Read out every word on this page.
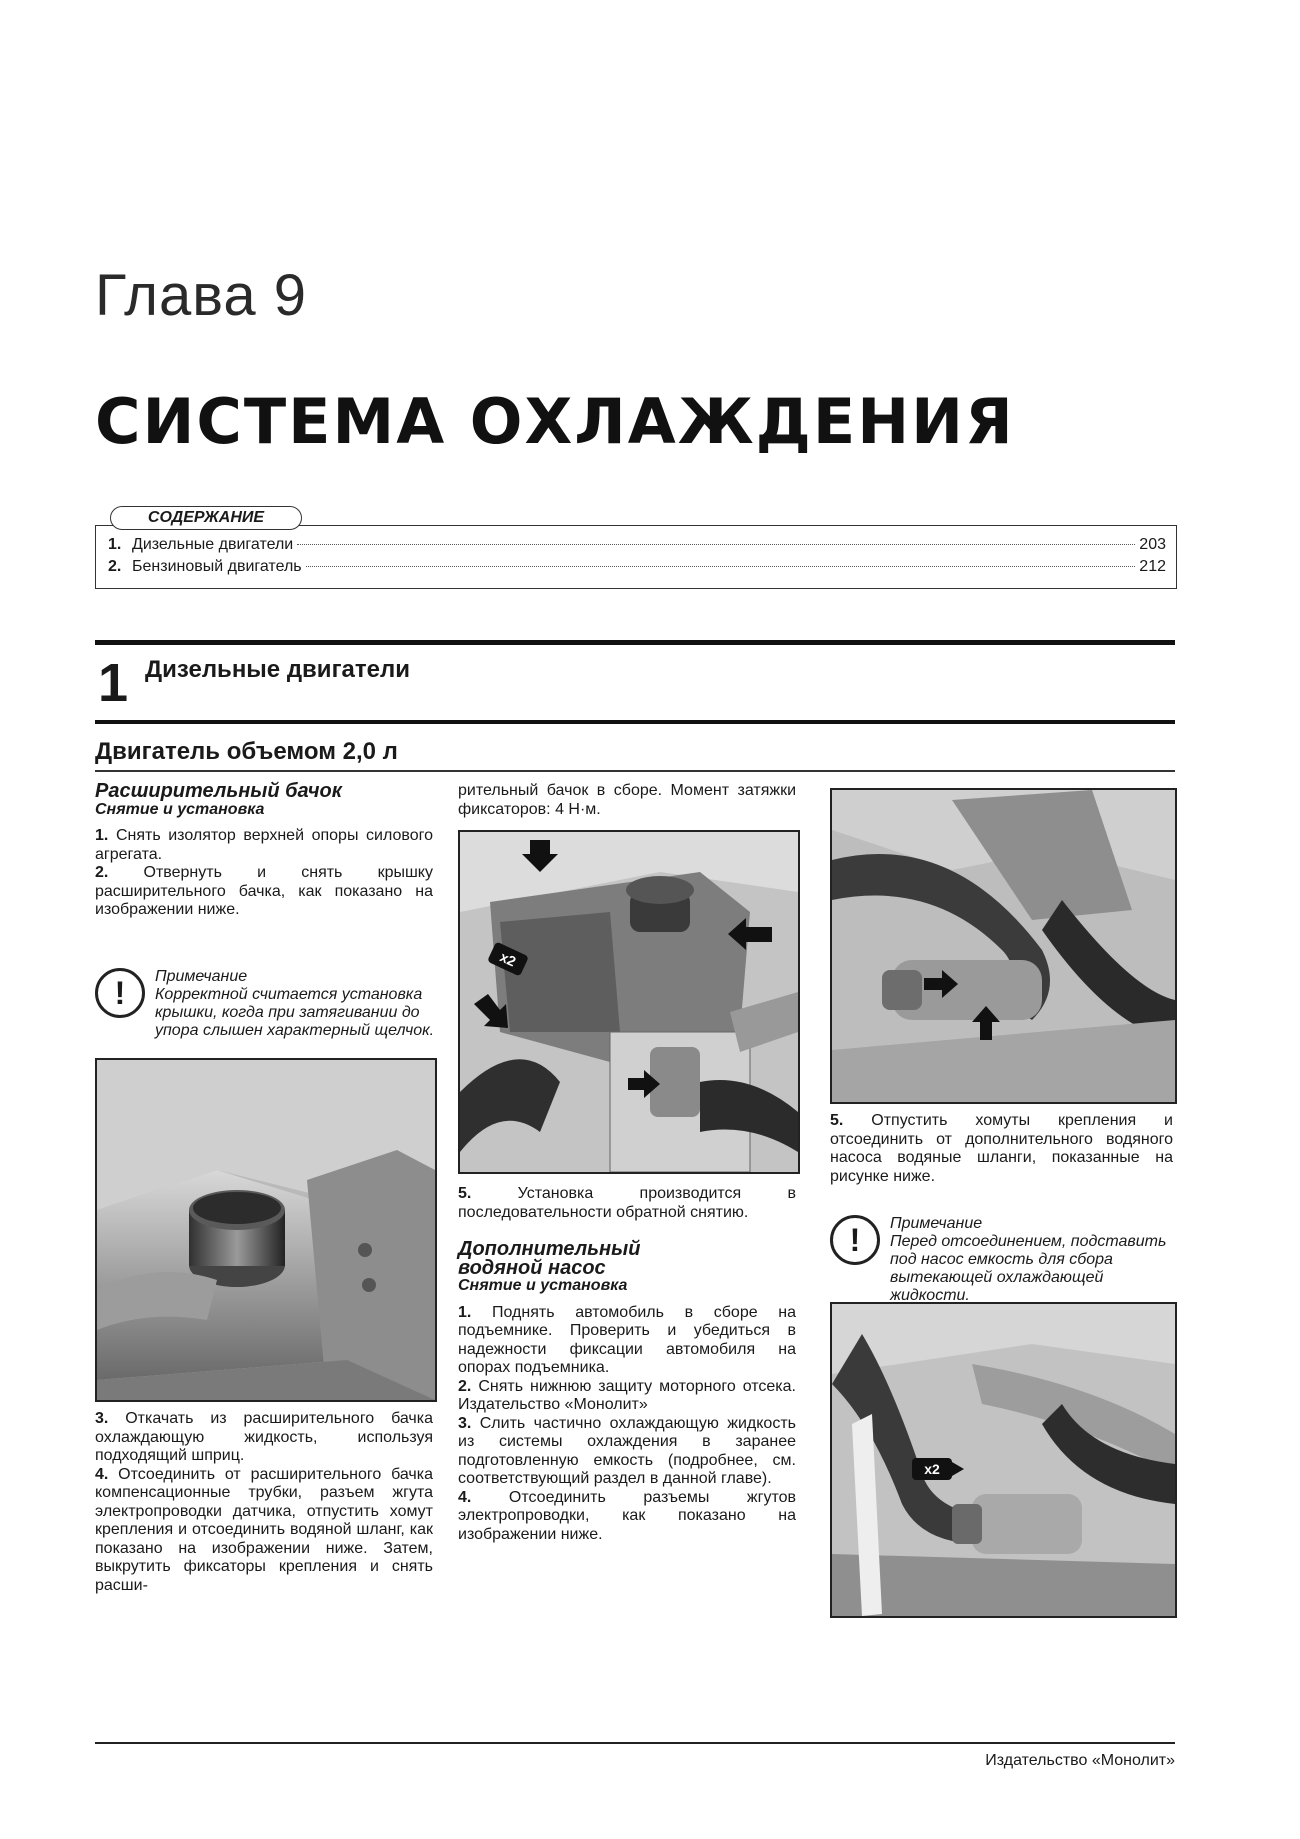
Глава 9
СИСТЕМА ОХЛАЖДЕНИЯ
1. Дизельные двигатели	203
2. Бензиновый двигатель	212
СОДЕРЖАНИЕ
1 Дизельные двигатели
Двигатель объемом 2,0 л

Расширительный бачок

Снятие и установка

1. Снять изолятор верхней опоры силового агрегата.

2. Отвернуть и снять крышку расширительного бачка, как показано на изображении ниже.

!	Примечание
Корректной считается установка крышки, когда при затягивании до упора слышен характерный щелчок.

3. Откачать из расширительного бачка охлаждающую жидкость, используя подходящий шприц.

4. Отсоединить от расширительного бачка компенсационные трубки, разъем жгута электропроводки датчика, отпустить хомут крепления и отсоединить водяной шланг, как показано на изображении ниже. Затем, выкрутить фиксаторы крепления и снять расши-

рительный бачок в сборе. Момент затяжки фиксаторов: 4 Н·м.

x2

5.	Установка производится в последовательности обратной снятию.

Дополнительный водяной насос

Снятие и установка

1. Поднять автомобиль в сборе на подъемнике. Проверить и убедиться в надежности фиксации автомобиля на опорах подъемника.

2. Снять нижнюю защиту моторного отсека. Издательство «Монолит»

3. Слить частично охлаждающую жидкость из системы охлаждения в заранее подготовленную емкость (подробнее, см. соответствующий раздел в данной главе).

4. Отсоединить разъемы жгутов электропроводки, как показано на изображении ниже.

5. Отпустить хомуты крепления и отсоединить от дополнительного водяного насоса водяные шланги, показанные на рисунке ниже.

!	Примечание
Перед отсоединением, подставить под насос емкость для сбора вытекающей охлаждающей жидкости.
x2
Издательство «Монолит»
